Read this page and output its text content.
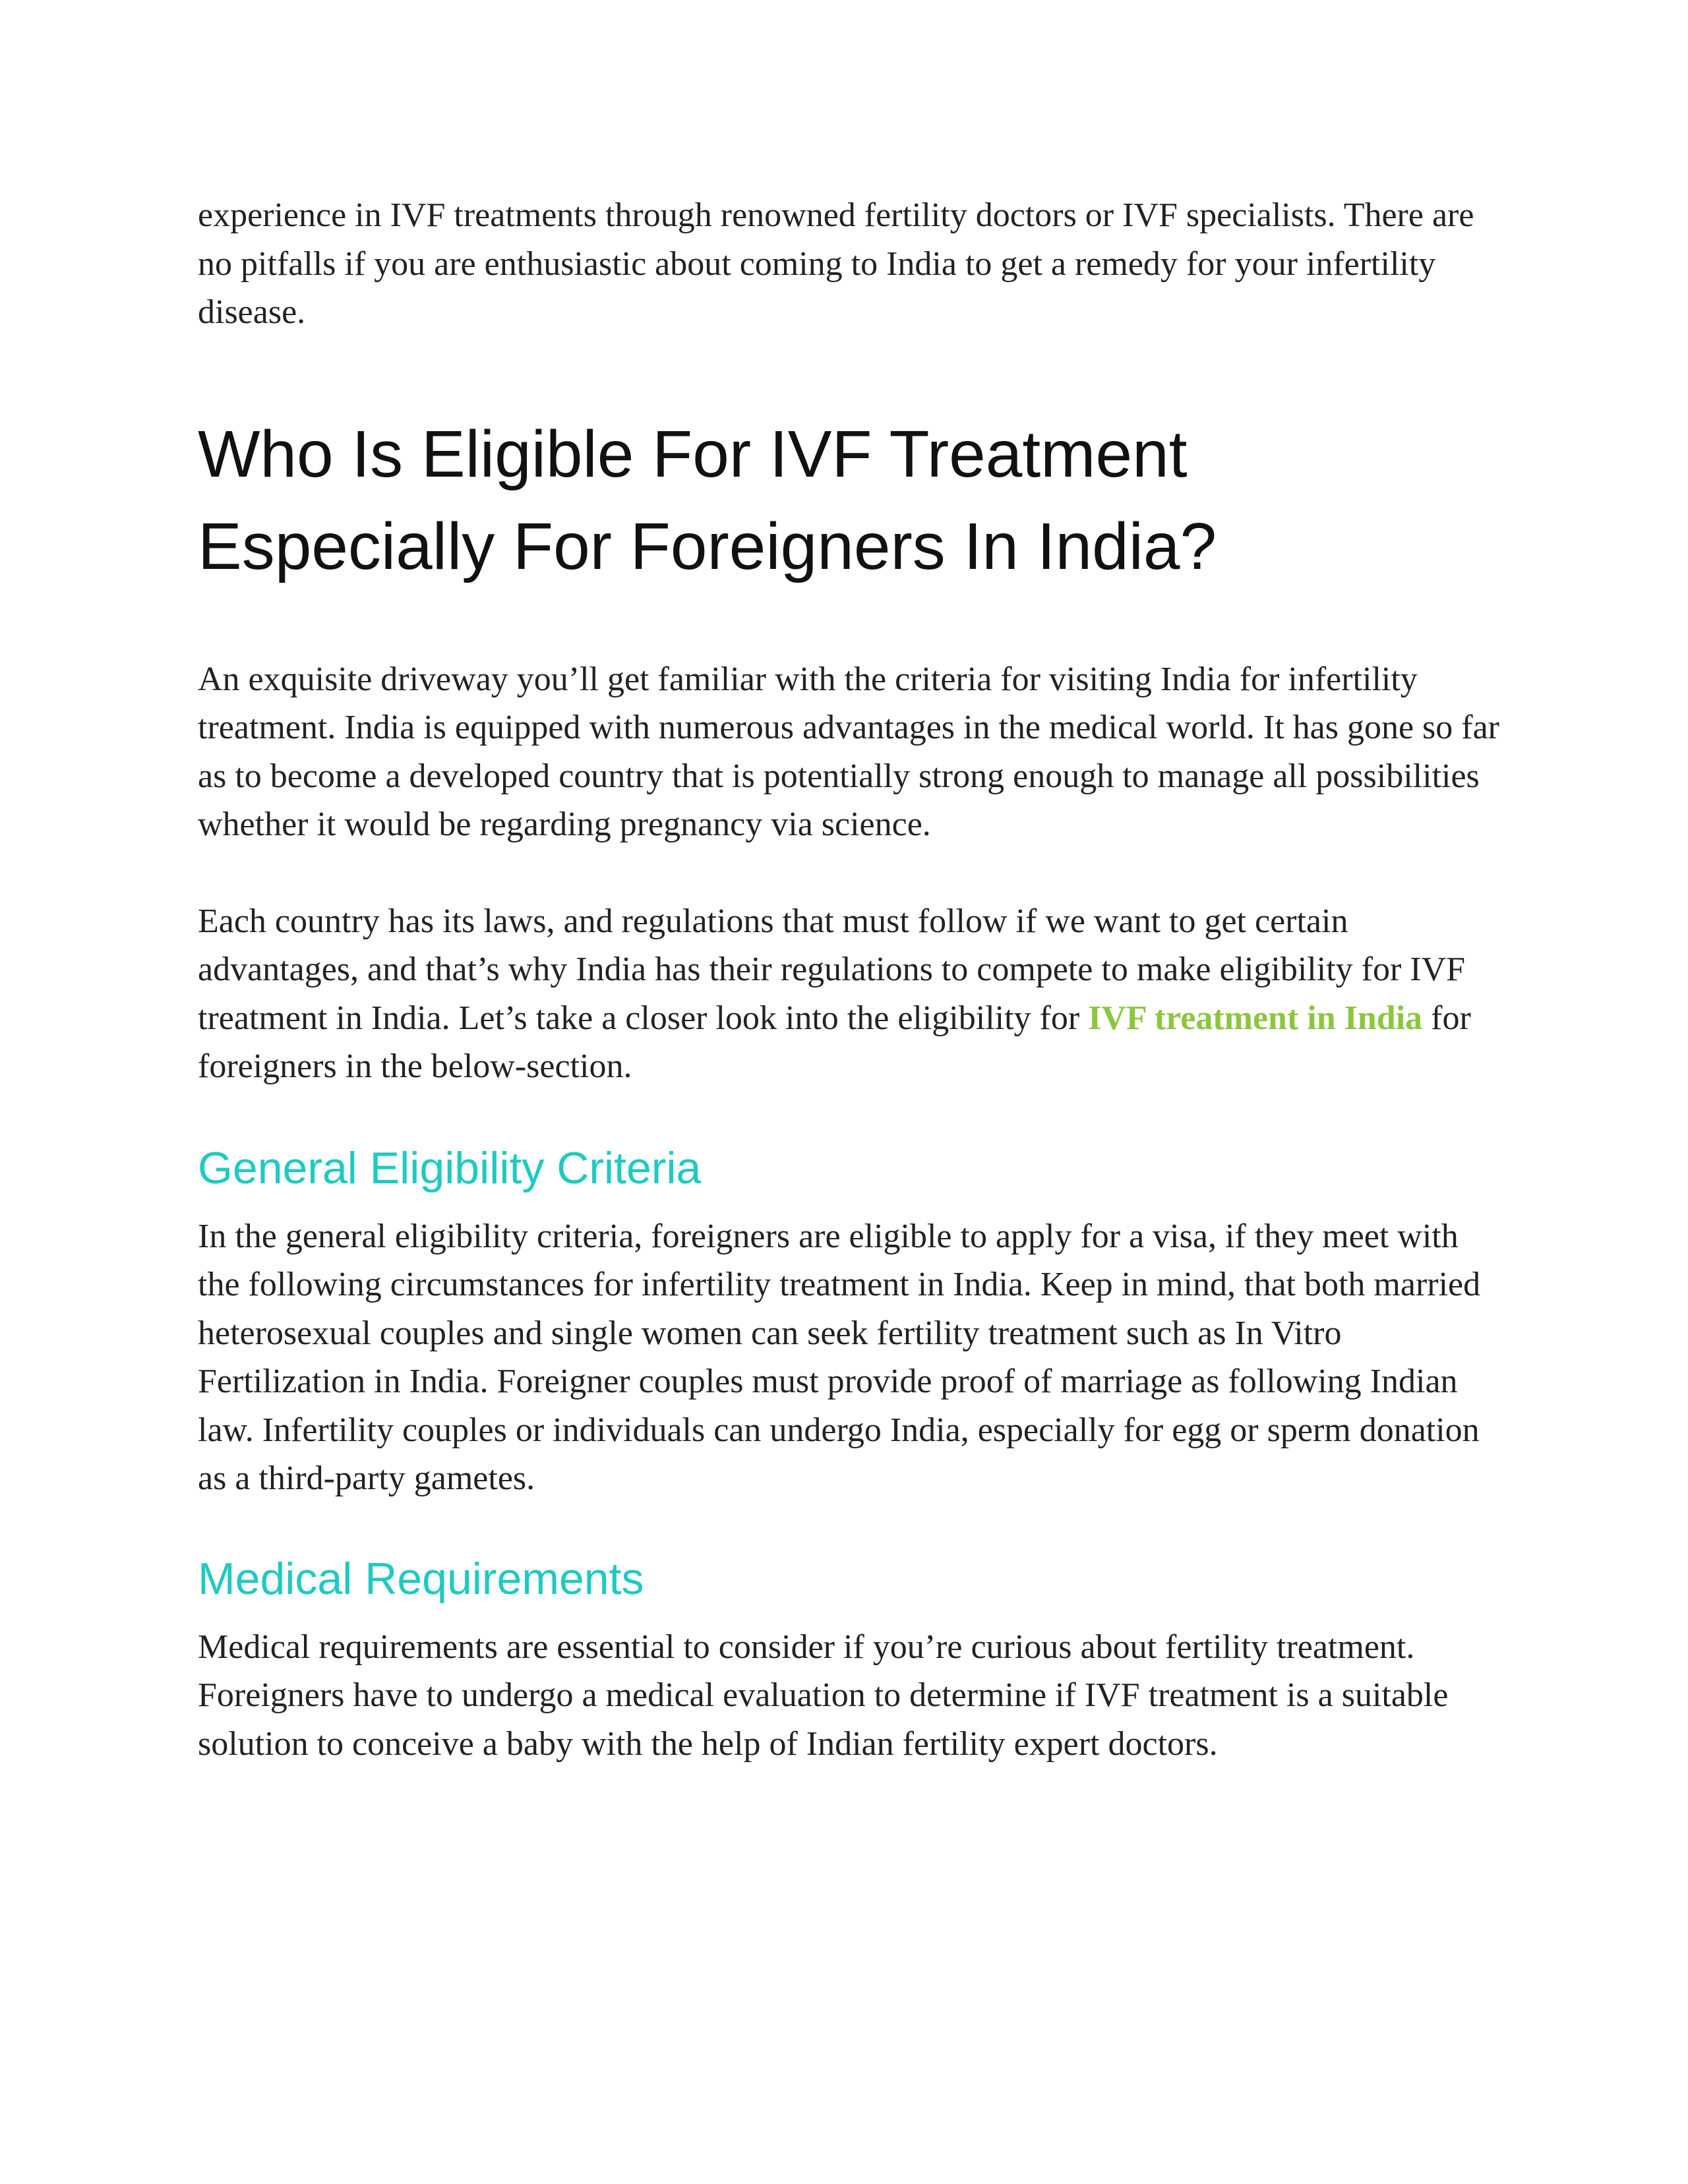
experience in IVF treatments through renowned fertility doctors or IVF specialists. There are no pitfalls if you are enthusiastic about coming to India to get a remedy for your infertility disease.

Who Is Eligible For IVF Treatment
Especially For Foreigners In India?

An exquisite driveway you’ll get familiar with the criteria for visiting India for infertility treatment. India is equipped with numerous advantages in the medical world. It has gone so far as to become a developed country that is potentially strong enough to manage all possibilities whether it would be regarding pregnancy via science.

Each country has its laws, and regulations that must follow if we want to get certain advantages, and that’s why India has their regulations to compete to make eligibility for IVF treatment in India. Let’s take a closer look into the eligibility for IVF treatment in India for foreigners in the below-section.

General Eligibility Criteria

In the general eligibility criteria, foreigners are eligible to apply for a visa, if they meet with the following circumstances for infertility treatment in India. Keep in mind, that both married heterosexual couples and single women can seek fertility treatment such as In Vitro Fertilization in India. Foreigner couples must provide proof of marriage as following Indian law. Infertility couples or individuals can undergo India, especially for egg or sperm donation as a third-party gametes.

Medical Requirements

Medical requirements are essential to consider if you’re curious about fertility treatment. Foreigners have to undergo a medical evaluation to determine if IVF treatment is a suitable solution to conceive a baby with the help of Indian fertility expert doctors.
